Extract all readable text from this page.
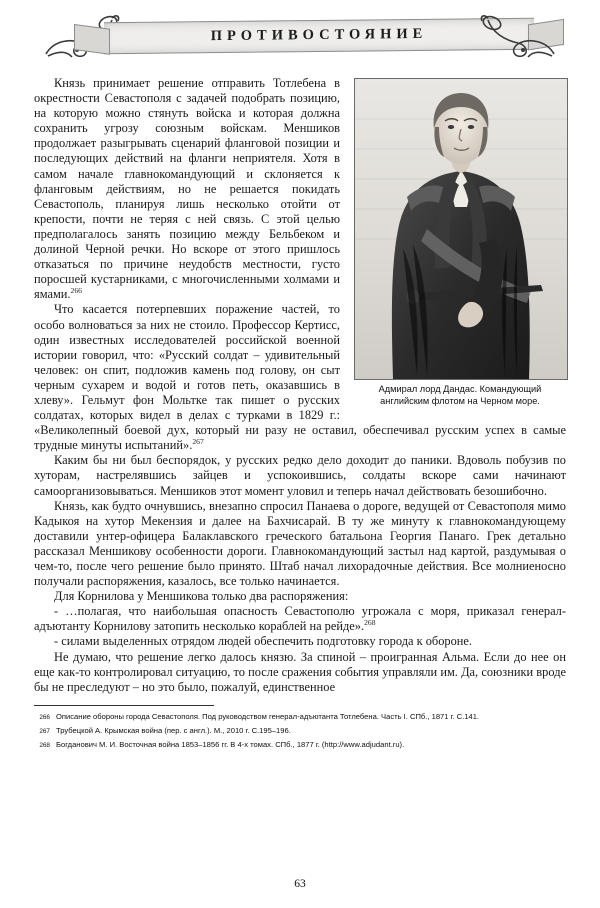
ПРОТИВОСТОЯНИЕ
Адмирал лорд Дандас. Командующий английским флотом на Черном море.

Князь принимает решение отправить Тотлебена в окрестности Севастополя с задачей подобрать позицию, на которую можно стянуть войска и которая должна сохранить угрозу союзным войскам. Меншиков продолжает разыгрывать сценарий фланговой позиции и последующих действий на фланги неприятеля. Хотя в самом начале главнокомандующий и склоняется к фланговым действиям, но не решается покидать Севастополь, планируя лишь несколько отойти от крепости, почти не теряя с ней связь. С этой целью предполагалось занять позицию между Бельбеком и долиной Черной речки. Но вскоре от этого пришлось отказаться по причине неудобств местности, густо поросшей кустарниками, с многочисленными холмами и ямами.$^{266}$

Что касается потерпевших поражение частей, то особо волноваться за них не стоило. Профессор Кертисс, один известных исследователей российской военной истории говорил, что: «Русский солдат – удивительный человек: он спит, подложив камень под голову, он сыт черным сухарем и водой и готов петь, оказавшись в хлеву». Гельмут фон Мольтке так пишет о русских солдатах, которых видел в делах с турками в 1829 г.: «Великолепный боевой дух, который ни разу не оставил, обеспечивал русским успех в самые трудные минуты испытаний».$^{267}$

Каким бы ни был беспорядок, у русских редко дело доходит до паники. Вдоволь побузив по хуторам, настрелявшись зайцев и успокоившись, солдаты вскоре сами начинают самоорганизовываться. Меншиков этот момент уловил и теперь начал действовать безошибочно.

Князь, как будто очнувшись, внезапно спросил Панаева о дороге, ведущей от Севастополя мимо Кадыкоя на хутор Мекензия и далее на Бахчисарай. В ту же минуту к главнокомандующему доставили унтер-офицера Балаклавского греческого батальона Георгия Панаго. Грек детально рассказал Меншикову особенности дороги. Главнокомандующий застыл над картой, раздумывая о чем-то, после чего решение было принято. Штаб начал лихорадочные действия. Все молниеносно получали распоряжения, казалось, все только начинается.

Для Корнилова у Меншикова только два распоряжения:

- …полагая, что наибольшая опасность Севастополю угрожала с моря, приказал генерал-адъютанту Корнилову затопить несколько кораблей на рейде».$^{268}$

- силами выделенных отрядом людей обеспечить подготовку города к обороне.

Не думаю, что решение легко далось князю. За спиной – проигранная Альма. Если до нее он еще как-то контролировал ситуацию, то после сражения события управляли им. Да, союзники вроде бы не преследуют – но это было, пожалуй, единственное

266 Описание обороны города Севастополя. Под руководством генерал-адъютанта Тотлебена. Часть I. СПб., 1871 г. С.141.
267 Трубецкой А. Крымская война (пер. с англ.). М., 2010 г. С.195–196.
268 Богданович М. И. Восточная война 1853–1856 гг. В 4-х томах. СПб., 1877 г. (http://www.adjudant.ru).
63
